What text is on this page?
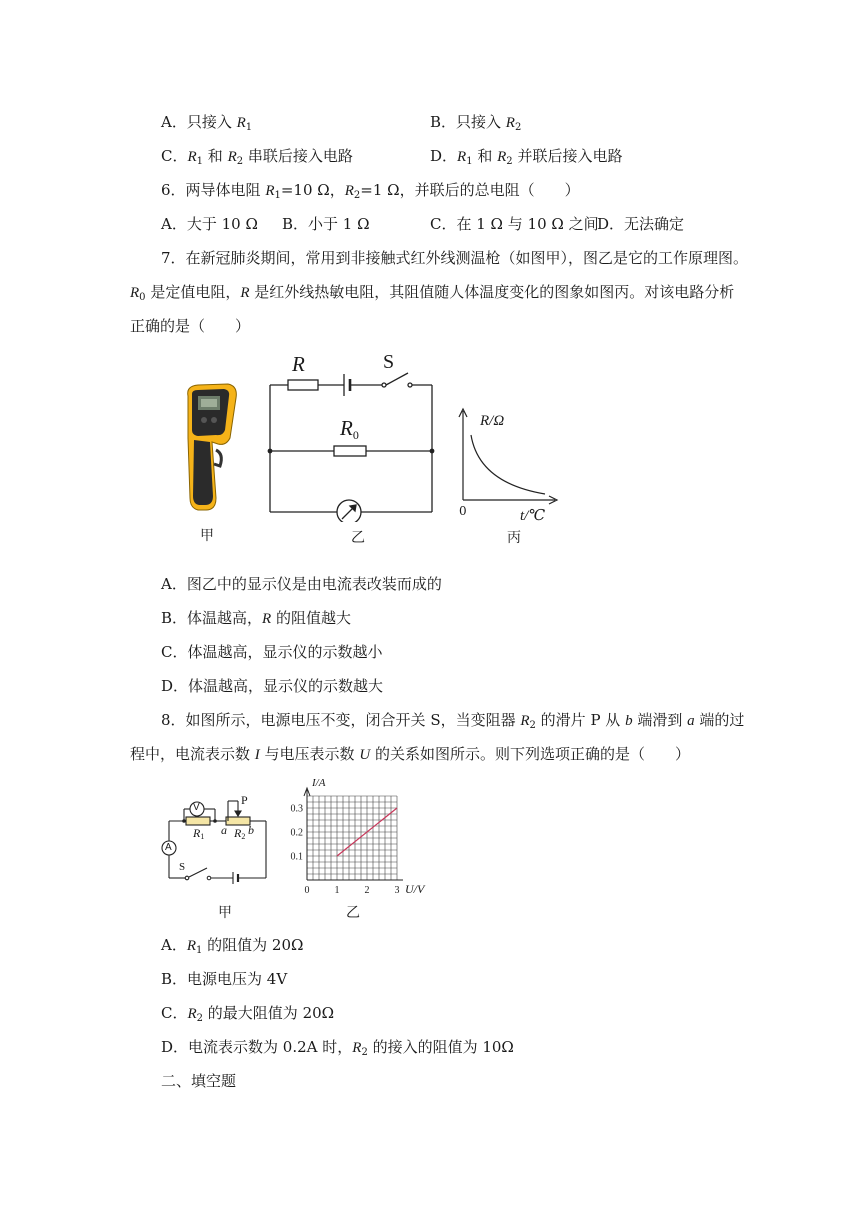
A．只接入 $R_1$	B．只接入 $R_2$
C．$R_1$ 和 $R_2$ 串联后接入电路	D．$R_1$ 和 $R_2$ 并联后接入电路
6．两导体电阻 $R_1=10$ Ω，$R_2=1$ Ω，并联后的总电阻（　　）
A．大于 10 Ω B．小于 1 Ω	C．在 1 Ω 与 10 Ω 之间
D．无法确定
7．在新冠肺炎期间，常用到非接触式红外线测温枪（如图甲），图乙是它的工作原理图。
$R_0$ 是定值电阻，R 是红外线热敏电阻，其阻值随人体温度变化的图象如图丙。对该电路分析
正确的是（　　）
甲
R	S
$R_0$
乙
R/Ω
t/℃
0
丙
A．图乙中的显示仪是由电流表改装而成的
B．体温越高，R 的阻值越大
C．体温越高，显示仪的示数越小
D．体温越高，显示仪的示数越大
8．如图所示，电源电压不变，闭合开关 S，当变阻器 $R_2$ 的滑片 P 从 b 端滑到 a 端的过
程中，电流表示数 I 与电压表示数 U 的关系如图所示。则下列选项正确的是（　　）
V
A
P
$R_1$ a $R_2$ b
S
甲
0	1	2	3
0.1
0.2
0.3
I/A
U/V
乙
A．$R_1$ 的阻值为 20Ω
B．电源电压为 4V
C．$R_2$ 的最大阻值为 20Ω
D．电流表示数为 0.2A 时，$R_2$ 的接入的阻值为 10Ω
二、填空题
